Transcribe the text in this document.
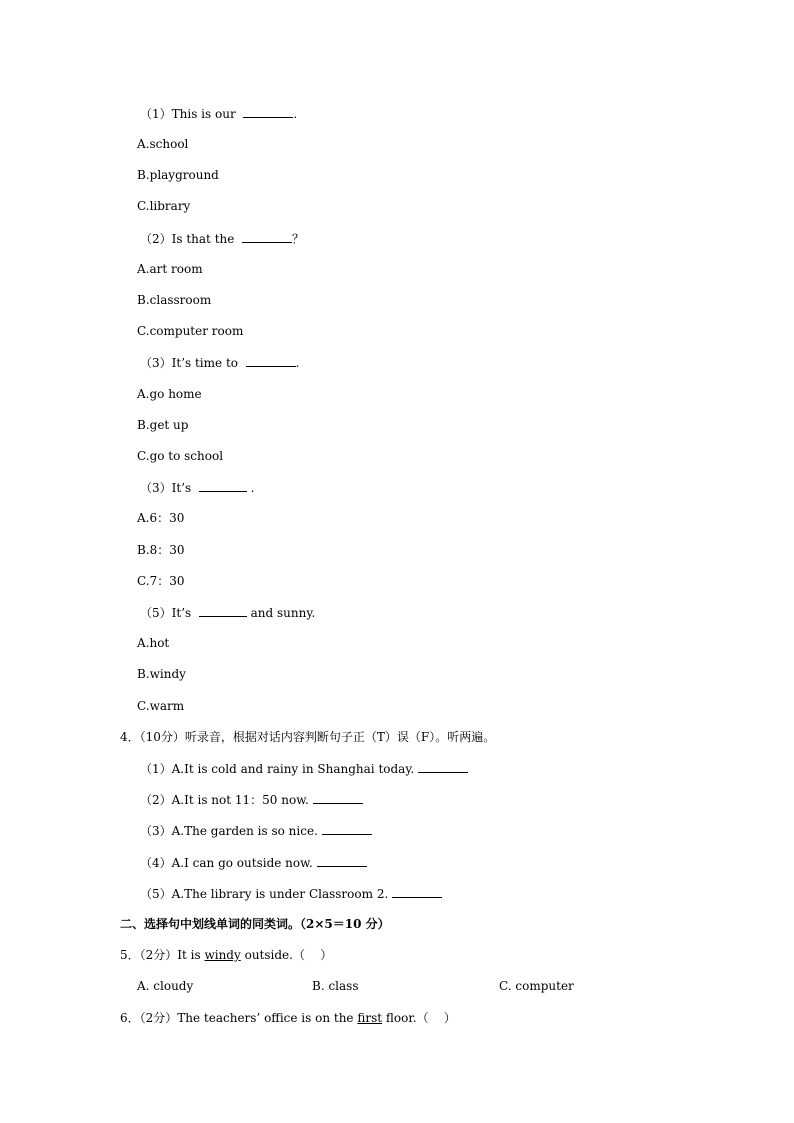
（1）This is our	.
A.school
B.playground
C.library
（2）Is that the	？
A.art room
B.classroom
C.computer room
（3）It’s time to	.
A.go home
B.get up
C.go to school
（3）It’s	.
A.6：30
B.8：30
C.7：30
（5）It’s	and sunny.
A.hot
B.windy
C.warm
4．（10分）听录音，根据对话内容判断句子正（T）误（F）。听两遍。
（1）A.It is cold and rainy in Shanghai today.
（2）A.It is not 11：50 now.
（3）A.The garden is so nice.
（4）A.I can go outside now.
（5）A.The library is under Classroom 2.
二、选择句中划线单词的同类词。（2×5＝10 分）
5．（2分）It is windy outside.（    ）
A. cloudy	B. class	C. computer
6．（2分）The teachers’ office is on the first floor.（    ）
